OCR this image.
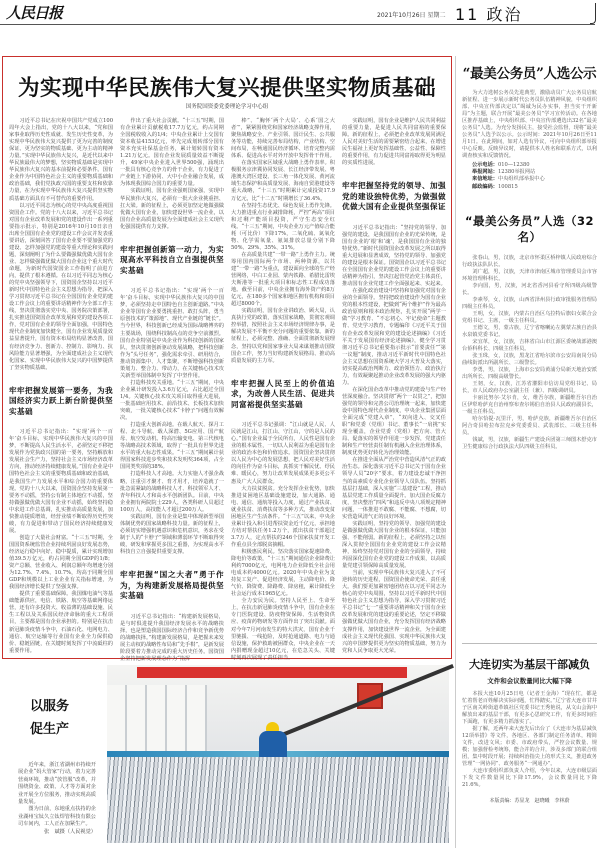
人民日报	2021年10月26日 星期二 11 政治
为实现中华民族伟大复兴提供坚实物质基础
国务院国资委党委理论学习中心组

习近平总书记在庆祝中国共产党成立100周年大会上指出，党的十八大以来，“党和国家事业取得历史性成就、发生历史性变革，为实现中华民族伟大复兴提供了更为完善的制度保证、更为坚实的物质基础、更为主动的精神力量。”实现中华民族伟大复兴，是近代以来中华民族最伟大的梦想，坚实物质基础是实现中华民族伟大复兴的基本前提和必要条件。国有企业作为中国特色社会主义的重要物质基础和政治基础，我们党执政兴国的重要支柱和依靠力量，在为实现中华民族伟大复兴提供坚实物质基础方面具有不可替代的重要作用。

以习近平同志为核心的党中央高度重视国资国企工作。党的十八大以来，习近平总书记对国有企业改革发展和党的建设作出一系列重要指示批示，特别是2016年10月10日亲自出席全国国有企业党的建设工作会议并发表重要讲话，深刻回答了国有企业要不要加强党的建设、怎样加强党的建设等重大理论和实践问题，深刻阐明了为什么要做强做优做大国有企业、怎样做强做优做大国有企业这个重大时代命题，为新时代国资国企工作指明了前进方向，提供了根本遵循。在以习近平同志为核心的党中央坚强领导下，国资国企坚持以习近平新时代中国特色社会主义思想为指导，把深入学习贯彻习近平总书记在全国国有企业党的建设工作会议上的重要讲话精神作为全部工作主线，坚决贯彻落实党中央、国务院决策部署，扎实推进国资国企改革发展和党的建设各项工作，党对国有企业的领导全面加强，中国特色现代企业制度加快健全，国有企业发展质量效益显著提升，国有资本布局结构显著改善，国有经济竞争力、创新力、控制力、影响力、抗风险能力显著增强，为全面建成社会主义现代化国家、实现中华民族伟大复兴的中国梦提供了坚实物质基础。

牢牢把握发展第一要务，为我国经济实力跃上新台阶提供坚实基础

习近平总书记指出：“实现‘两个一百年’奋斗目标，实现中华民族伟大复兴的中国梦，不断提高人民生活水平，必须坚定不移把发展作为党执政兴国的第一要务，坚持解放和发展社会生产力，坚持社会主义市场经济改革方向，推动经济持续健康发展。”国有企业是中国特色社会主义的重要物质基础和政治基础，是我国生产力发展水平和综合国力的重要体现。党的十八大以来，国资国企坚持发展第一要务不动摇，坚持公有制主体地位不动摇，坚持做强做优做大国有企业不动摇，始终坚持稳中求进工作总基调，扎实推动高质量发展，加快推动提质增效，经营业绩不断取得历史性突破，有力促进和带动了国民经济持续健康发展。

创造了大量社会财富。“十三五”时期，全国国资系统监管企业持续巩固良好发展态势，经济运行稳中向好、稳中提质，累计实现增加值39.5万亿元，约占同期全国GDP的1/8；资产总额、营业收入、利润总额年均增速分别为12.7%、7.4%、10.7%，均高于同期全国GDP和规模以上工业企业有关指标增速，为我国经济增长提供了坚强支撑。

提供了重要基础保障。我国煤电油气等基础能源供应，电信、铁路、航空等基础网络运营，还有许多投资大、收益薄的基础设施、民生工程以及关系国民经济命脉的重大工程项目，主要都是国有企业承担的。特别是在抗击新冠肺炎疫情斗争中，石油石化、电网电力、通信、航空运输等行业国有企业全力保供稳价、稳链固链，在关键时刻发挥了中流砥柱的重要作用。

作出了重大社会贡献。“十三五”时期，国有企业累计贡献税收17.7万亿元，约占同期全国税收收入的1/4；中央企业累计上交国有资本收益4153亿元，率先完成划转部分国有资本充实社保基金任务，累计划转国有资本1.21万亿元。国有企业发展质量效益不断提升，49家中央企业进入世界500强，涌现出一批具有核心竞争力的骨干企业，有力促进了产业链上下游协同、大中小企业融合发展，成为体现我国综合国力的重要力量。

实践证明，国有企业强则国家强，实现中华民族伟大复兴，必须有一批大企业挑重担、扛大梁。新的征程上，必须更加坚定地做强做优做大国有企业，加快建设世界一流企业，以国有企业高质量发展为全面建成社会主义现代化强国提供有力支撑。

牢牢把握创新第一动力，为实现高水平科技自立自强提供坚实基础

习近平总书记指出：“实现‘两个一百年’奋斗目标，实现中华民族伟大复兴的中国梦，必须坚持走中国特色自主创新道路。”中央企业等国有企业要勇挑重担、敢打头阵，勇当原创技术的“策源地”、现代产业链的“链长”。当今世界，科技创新已经成为国际战略博弈的主要战场，围绕科技制高点的竞争空前激烈。国有企业特别是中央企业作为科技创新的国家队，坚决贯彻创新驱动发展战略，把科技创新作为“头号任务”，强化需求牵引、研用结合，推动资源集中、人才集聚，不断增强科技创新策划力、整合力、带动力，在关键核心技术攻关新型举国体制中发挥了中坚作用。

打造科技攻关重地。“十三五”期间，中央企业累计研发投入3.6万亿元，占比超过全国1/4。关键核心技术攻关项目取得重大进展，一批基础应用技术、前沿技术、长板技术加快突破，一批关键核心技术“卡脖子”问题有效解决。

打造重大创新高地。在载人航天、探月工程、北斗导航、载人深潜、5G应用、国产航母、航空发动机、特高压输变电、第三代核电等战略高技术领域，取得了一批具有世界先进水平的重大标志性成果。“十三五”期间累计获得国家科技进步奖和技术发明奖364项，占全国同类奖项的38%。

打造科技人才高地。大力实施人才强企战略，注重引才聚才、育才用才，培养造就了一批急需紧缺的战略科技人才、科技领军人才、青年科技人才和高水平创新团队。目前，中央企业拥有两院院士229人，各类科研人员超过100万人，高技能人才超过200万人。

实践证明，国有企业是集中体现新型举国体制优势的国家战略科技力量。新的征程上，必须切实增强机遇意识和危机意识，务求在受制于人的“卡脖子”领域和薄弱环节不断取得突破，研发和掌握更多国之重器，为实现高水平科技自立自强提供重要支撑。

牢牢把握“国之大者”勇于作为，为构建新发展格局提供坚实基础

习近平总书记指出：“构建新发展格局，是与时俱进提升我国经济发展水平的战略抉择，也是塑造我国国际经济合作和竞争新优势的战略抉择。”构建新发展格局，是把握未来发展主动权的战略性布局和“先手棋”，是新发展阶段要着力推动完成的重大历史任务。国资国企坚持把新发展理念作为“指挥

棒”、“胸怀‘两个大局’、心系‘国之大者’”，紧紧围绕党和国家经济战略支撑作用，聚焦战略安全、产业引领、国计民生、公共服务等功能，持续完善布局结构，产业结构、空间布局，在畅通国民经济循环、培育完整内需体系、促进高水平对外开放中发挥骨干作用。

在落实国家区域重大战略上勇作表率。积极服务京津冀协同发展、长江经济带发展、粤港澳大湾区建设、长三角一体化发展、黄河流域生态保护和高质量发展、海南自贸港建设等重大战略，“十三五”时期累计完成投资17.9万亿元，比“十二五”时期增长了36.4%。

在坚持生态优先、绿色发展上勇作先锋。大力推进重点行业减排降耗，严控“两高”项目和过剩产能项目投资，严守生态安全红线。“十三五”期间，中央企业万元产值综合能耗（可比价）下降17%，二氧化硫、氮氧化物、化学需氧量、氨氮排放总量分别下降50%、29%、35%、31%。

在高质量共建“一带一路”上勇作主力。统筹用国内国际两个市场、两种资源，以共建“一带一路”为重点，建设面向全球的生产经营网络，中白工业园、蒙内铁路、希腊比雷埃夫斯港等一批重大项目和标志性工程成功落地。截至目前，中央企业拥有海外资产约8万亿元，在180多个国家和地区拥有机构和项目超过8000个。

实践证明，国有企业讲政治、顾大局，认真执行党的政策，落实国家战略，贯彻宏观调控举措，按照社会主义市场经济规律办事，是解决发展不平衡不充分问题的重要依靠。新的征程上，必须完整、准确、全面贯彻新发展理念，坚持以党和国家事业大局来谋划推动国资国企工作，努力当好构建新发展格局、推动高质量发展的主力军。

牢牢把握人民至上的价值追求，为改善人民生活、促进共同富裕提供坚实基础

习近平总书记强调：“江山就是人民、人民就是江山，打江山、守江山，守的是人民的心。”国有企业属于全民所有，人民性是国有企业的根本属性，一切以人民利益为重是国有企业的政治本色和价值追求。国资国企坚决贯彻以人民为中心的发展思想，把人民对美好生活的向往作为奋斗目标，真抓实干解民忧、纾民难、暖民心，努力让改革发展成果更多更公平惠及广大人民群众。

大力扶贫脱贫。充分发挥企业优势，加快推进贫困地区基础设施建设，加大通路、通电、通信、通航等投入力度，通过产业扶贫、就业扶贫、消费扶贫等多种方式，推动改变贫困地区生产生活条件。“十三五”以来，中央企业累计投入和引进帮扶资金近千亿元，承担地方结对帮扶任务1.2万个，派出扶贫干部超过3.7万人，定点帮扶的246个国家扶贫开发工作重点县全部脱贫摘帽。

积极惠民利民。坚决落实国家提速降费、降电价等政策，“十三五”期间通信企业降费让利约7000亿元，电网电力企业降低全社会用电成本约4000亿元。2020年中央企业为支持复工复产、促进经济发展，主动降电价、降气价、降资费、降路费、降房租，累计降低全社会运行成本1965亿元。

全力安民为民。坚持人民至上、生命至上，在抗击新冠肺炎疫情斗争中，国有企业在专门医院建设、防疫物资保障、生活物资供应、疫苗药物研发等方面作出了突出贡献。面对今年7月河南发生的特大洪灾，国有企业千里驰援、一线抢险，及时抢通道路、电力与通信设施，保护救助被困群众，中央企业在一天内捐赠现金超过10亿元，在危急关头、关键时刻再次展现了责任担当。

实践证明，国有企业是维护人民共同利益的重要力量，是促进人民共同富裕的重要保障。新的征程上，必须把企业改革发展同满足人民对美好生活的需要紧密结合起来，在增进民生福祉上更好发挥基础性、公益性、保障性的重要作用，有力促进共同富裕取得更为明显的实质性进展。

牢牢把握坚持党的领导、加强党的建设独特优势，为做强做优做大国有企业提供坚强保证

习近平总书记指出：“坚持党的领导、加强党的建设，是我国国有企业的光荣传统，是国有企业的‘根’和‘魂’，是我国国有企业的独特优势。”新时代国资国企改革发展之所以取得重大进展和显著成效，坚持党的领导、加强党的建设是根本保证。国资国企以习近平总书记在全国国有企业党的建设工作会议上的重要讲话精神为指引，坚决扛起管党治党主体责任，推动国有企业党建工作全面强起来、实起来。

在强化政治建设中坚持和加强党对国有企业的全面领导。坚持把政治建设作为国有企业党的根本性建设，把做到“两个维护”作为最高政治原则和根本政治规矩，扎实开展“两学一做”学习教育、“不忘初心、牢记使命”主题教育、党史学习教育，专题编印《习近平关于国有企业改革发展和党的建设论述摘编》《习近平关于发展国有经济论述摘编》，健全学习贯彻习近平总书记重要指示批示“首要责任”“第一议题”制度，推动习近平新时代中国特色社会主义思想在国资系统大学习大普及大落实，切实提高政治判断力、政治领悟力、政治执行力，有效凝聚起推动企业改革发展的强大内驱力。

在深化国企改革中推动党的建设与生产经营深度融合。坚决贯彻“两个一以贯之”，把加强党的领导和完善公司治理统一起来，加快建设中国特色现代企业制度，中央企业集团层面全面完成“党建入章”，“双向进入、交叉任职”和党委（党组）书记、董事长“一肩挑”实现全覆盖，企业党委（党组）把方向、管大局、促落实的领导作用进一步发挥，党建责任制和生产经营责任制有机融入企业治理体系，制度优势更好转化为治理效能。

在推进全面从严治党中营造风清气正的政治生态。深化落实习近平总书记关于国有企业领导人员“20字”要求，着力建设忠诚干净担当的高素质专业化企业领导人员队伍。坚持抓基层打基础，深入实施“三基建设”工程，推动基层党建工作质量全面提升。加大国企反腐力度，坚决整治“四风”和违反中央八项规定精神问题，一体推进不敢腐、不能腐、不想腐，切实营造风清气正的良好环境。

实践证明，坚持党的领导、加强党的建设是做强做优做大国有企业的根本保证，只能加强、不能削弱。新的征程上，必须坚持之以恒深入贯彻全国国有企业党的建设工作会议精神，始终坚持党对国有企业的全面领导，持续巩固深化国有企业党的建设工作成果，以高质量党建引领保障高质量发展。

当前，实现中华民族伟大复兴进入了不可逆转的历史进程，国资国企使命光荣、责任重大。我们要更加紧密地团结在以习近平同志为核心的党中央周围，坚持以习近平新时代中国特色社会主义思想为指导，深入学习贯彻习近平总书记“七一”重要讲话精神和关于国有企业改革发展和党的建设的重要论述，坚定不移做强做优做大国有企业，充分发挥国有经济战略支撑作用，加快建设世界一流企业，为全面建成社会主义现代化强国、实现中华民族伟大复兴的中国梦提供更为坚实的物质基础，努力为党和人民争取更大光荣。

“最美公务员”人选公示

为大力选树公务员先进典型，激励动员广大公务员启航新征程、进一步展示新时代公务员队伍精神风貌，中央组织部、中央宣传部决定以“竭诚为民办实事，担当实干开新局”为主题，联合开展“最美公务员”学习宣传活动。在各地区推荐基础上，中央组织部、中央宣传部遴选出32名“最美公务员”人选。为充分发扬民主，接受社会监督，现将“最美公务员”人选予以公示。公示时间：2021年10月26日至11月1日。在此期间，如对人选有异议，可向中央组织部举报中心反映。反映异议时，请提供本人姓名和联系方式，以利调查核实和反馈情况。

公示电话：010—12380
举报网站：12380举报网站
来信地址：中央组织部举报中心
邮政编码：100815
“最美公务员”人选（32名）

张春山，男，汉族，北京市怀柔区桥梓镇人民政府综合行政执法队队长。

刘广超，男，汉族，天津市津南区城市管理委员会市容环境管理科科长。

李向国，男，汉族，河北省香河县看守所四级高级警长。

李素琴，女，汉族，山西省泽州县行政审批服务管理局四级主任科员。

王明，女，汉族，内蒙古自治区乌拉特后旗妇女联合会党组书记、主席，一级主任科员。

王德文，男，蒙古族，辽宁省喀喇沁左翼蒙古族自治县水泉镇党委书记。

宋宜革，女，汉族，吉林省白山市江源区委统战部港澳台侨科科长、四级主任科员。

张玉珠，女，汉族，黑龙江省哈尔滨市公安局南岗分局曲线街派出所副所长、三级警长。

李勇，男，汉族，上海市公安局黄浦分局新天地治安派出所所长、四级高级警长。

王韧，女，汉族，江苏省灌阳市信访局党组书记、局长，市人民政府办公室副主任（兼）、四级调研员。

卡丽比努尔·艾尔肯，女，维吾尔族，新疆维吾尔自治区伊犁哈萨克自治州察布查尔锡伯自治县人民政府副县长，一级主任科员。

哈尔恰提·瓦里汗，男，哈萨克族，新疆维吾尔自治区阿合奇县哈拉布拉克乡党委委员、武装部长、三级主任科员。

钱斌，男，汉族，新疆生产建设兵团第三师图木舒克市卫生健康综合行政执法大队四级主任科员。

大连切实为基层干部减负
文件和会议数量同比大幅下降

本报大连10月25日电（记者王金海）“现在忙，都是忙着帮老百姓解决实际问题，忙得踏实。”辽宁省大连市甘井子区南关岭街道革镇社区党委书记王秀艳说，从文山会海中解放出来的基层干部，有更多心思研究工作，有更多时间往下面跑，有更多精力抓落实了。

据了解，近两年来大连先后出台了《大连市为基层减负12项举措》等文件，各地区、各部门制定任务清单，精简文件，改进文风；市委、市政府带头，严控会议数量、规模；加强督检考统筹，能合并的合并，涉及多部门的联合组团，集中时段开展；持续纠治指尖上的形式主义，推进政务管理“一网协同”、政务服务“一网通办”。

大连市委组织部负责人介绍，今年以来，大连市级层面下发文件数量同比下降17.9%，会议数量同比下降21.6%。

本版责编：苏显龙　赵晓曦　李林蔚
以服务
促生产

近年来，浙江省湖州市持续开展企业“妈大管家”行动，着力完善营商环境，推动“放管服”改革，并围绕资金、政策、人才等方面对企业开展全方位服务，推动实现高质量发展。

图为日前，东地重点扶持的企业湖州宝钛久立钛焊管科技有限公司车间内，工人正在加紧生产。

张　斌摄（人民视觉）
